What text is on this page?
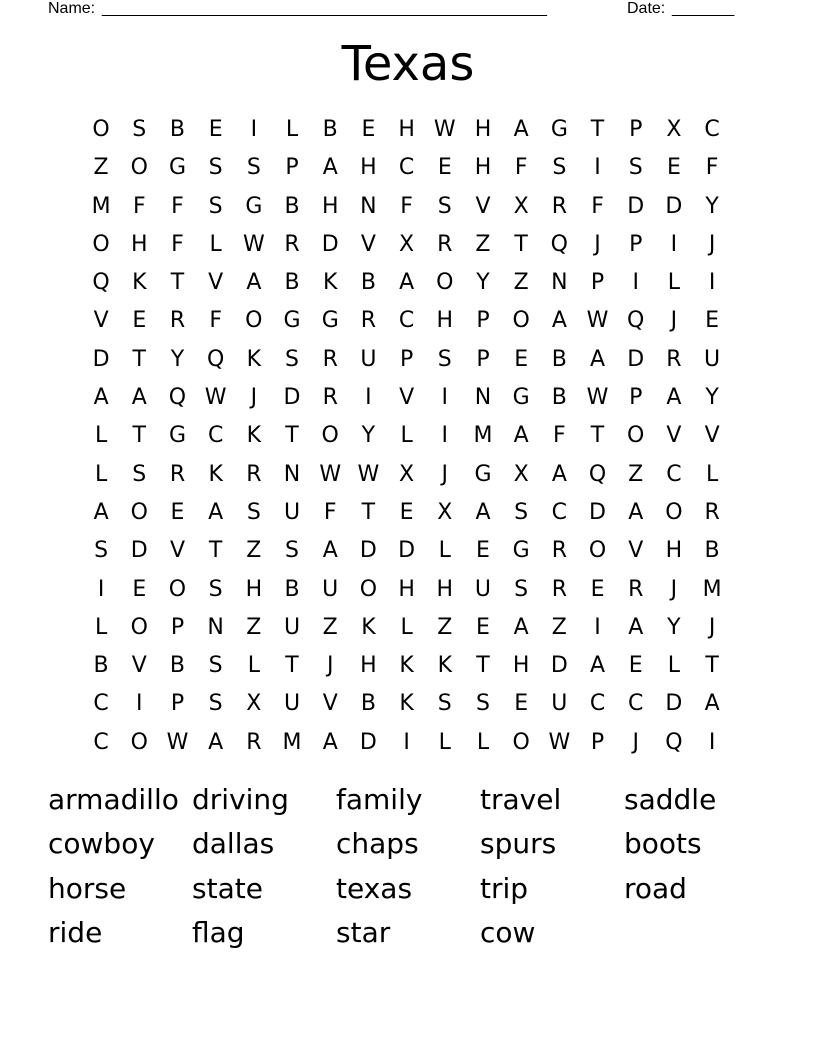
Name: __________________________________________________	Date: _______
Texas
O	S	B	E	I	L	B	E	H W H	A	G	T	P	X	C
Z O G	S	S	P	A	H	C	E	H	F	S	I	S	E	F
M	F	F	S	G	B	H N	F	S	V	X	R	F	D D	Y
O H	F	L W R	D	V	X	R	Z	T	Q	J	P	I	J
Q	K	T	V	A	B	K	B	A O	Y	Z	N	P	I	L	I
V	E	R	F	O G G	R	C	H	P	O	A W Q	J	E
D	T	Y	Q	K	S	R	U	P	S	P	E	B	A	D	R	U
A	A Q W	J	D	R	I	V	I	N G	B W P	A	Y
L	T	G C	K	T	O	Y	L	I	M A	F	T	O	V	V
L	S	R	K	R	N W W X	J	G	X	A Q Z	C	L
A O	E	A	S	U	F	T	E	X	A	S	C	D	A O R
S	D	V	T	Z	S	A	D D	L	E	G	R O	V	H	B
I	E	O	S	H	B	U O H H U	S	R	E	R	J	M
L	O	P	N	Z	U	Z	K	L	Z	E	A	Z	I	A	Y	J
B	V	B	S	L	T	J	H	K	K	T	H D	A	E	L	T
C	I	P	S	X	U	V	B	K	S	S	E	U	C	C	D	A
C O W A	R M A	D	I	L	L	O W P	J	Q	I
armadillo driving	family	travel	saddle
cowboy	dallas	chaps	spurs	boots
horse	state	texas	trip	road
ride	flag	star	cow
